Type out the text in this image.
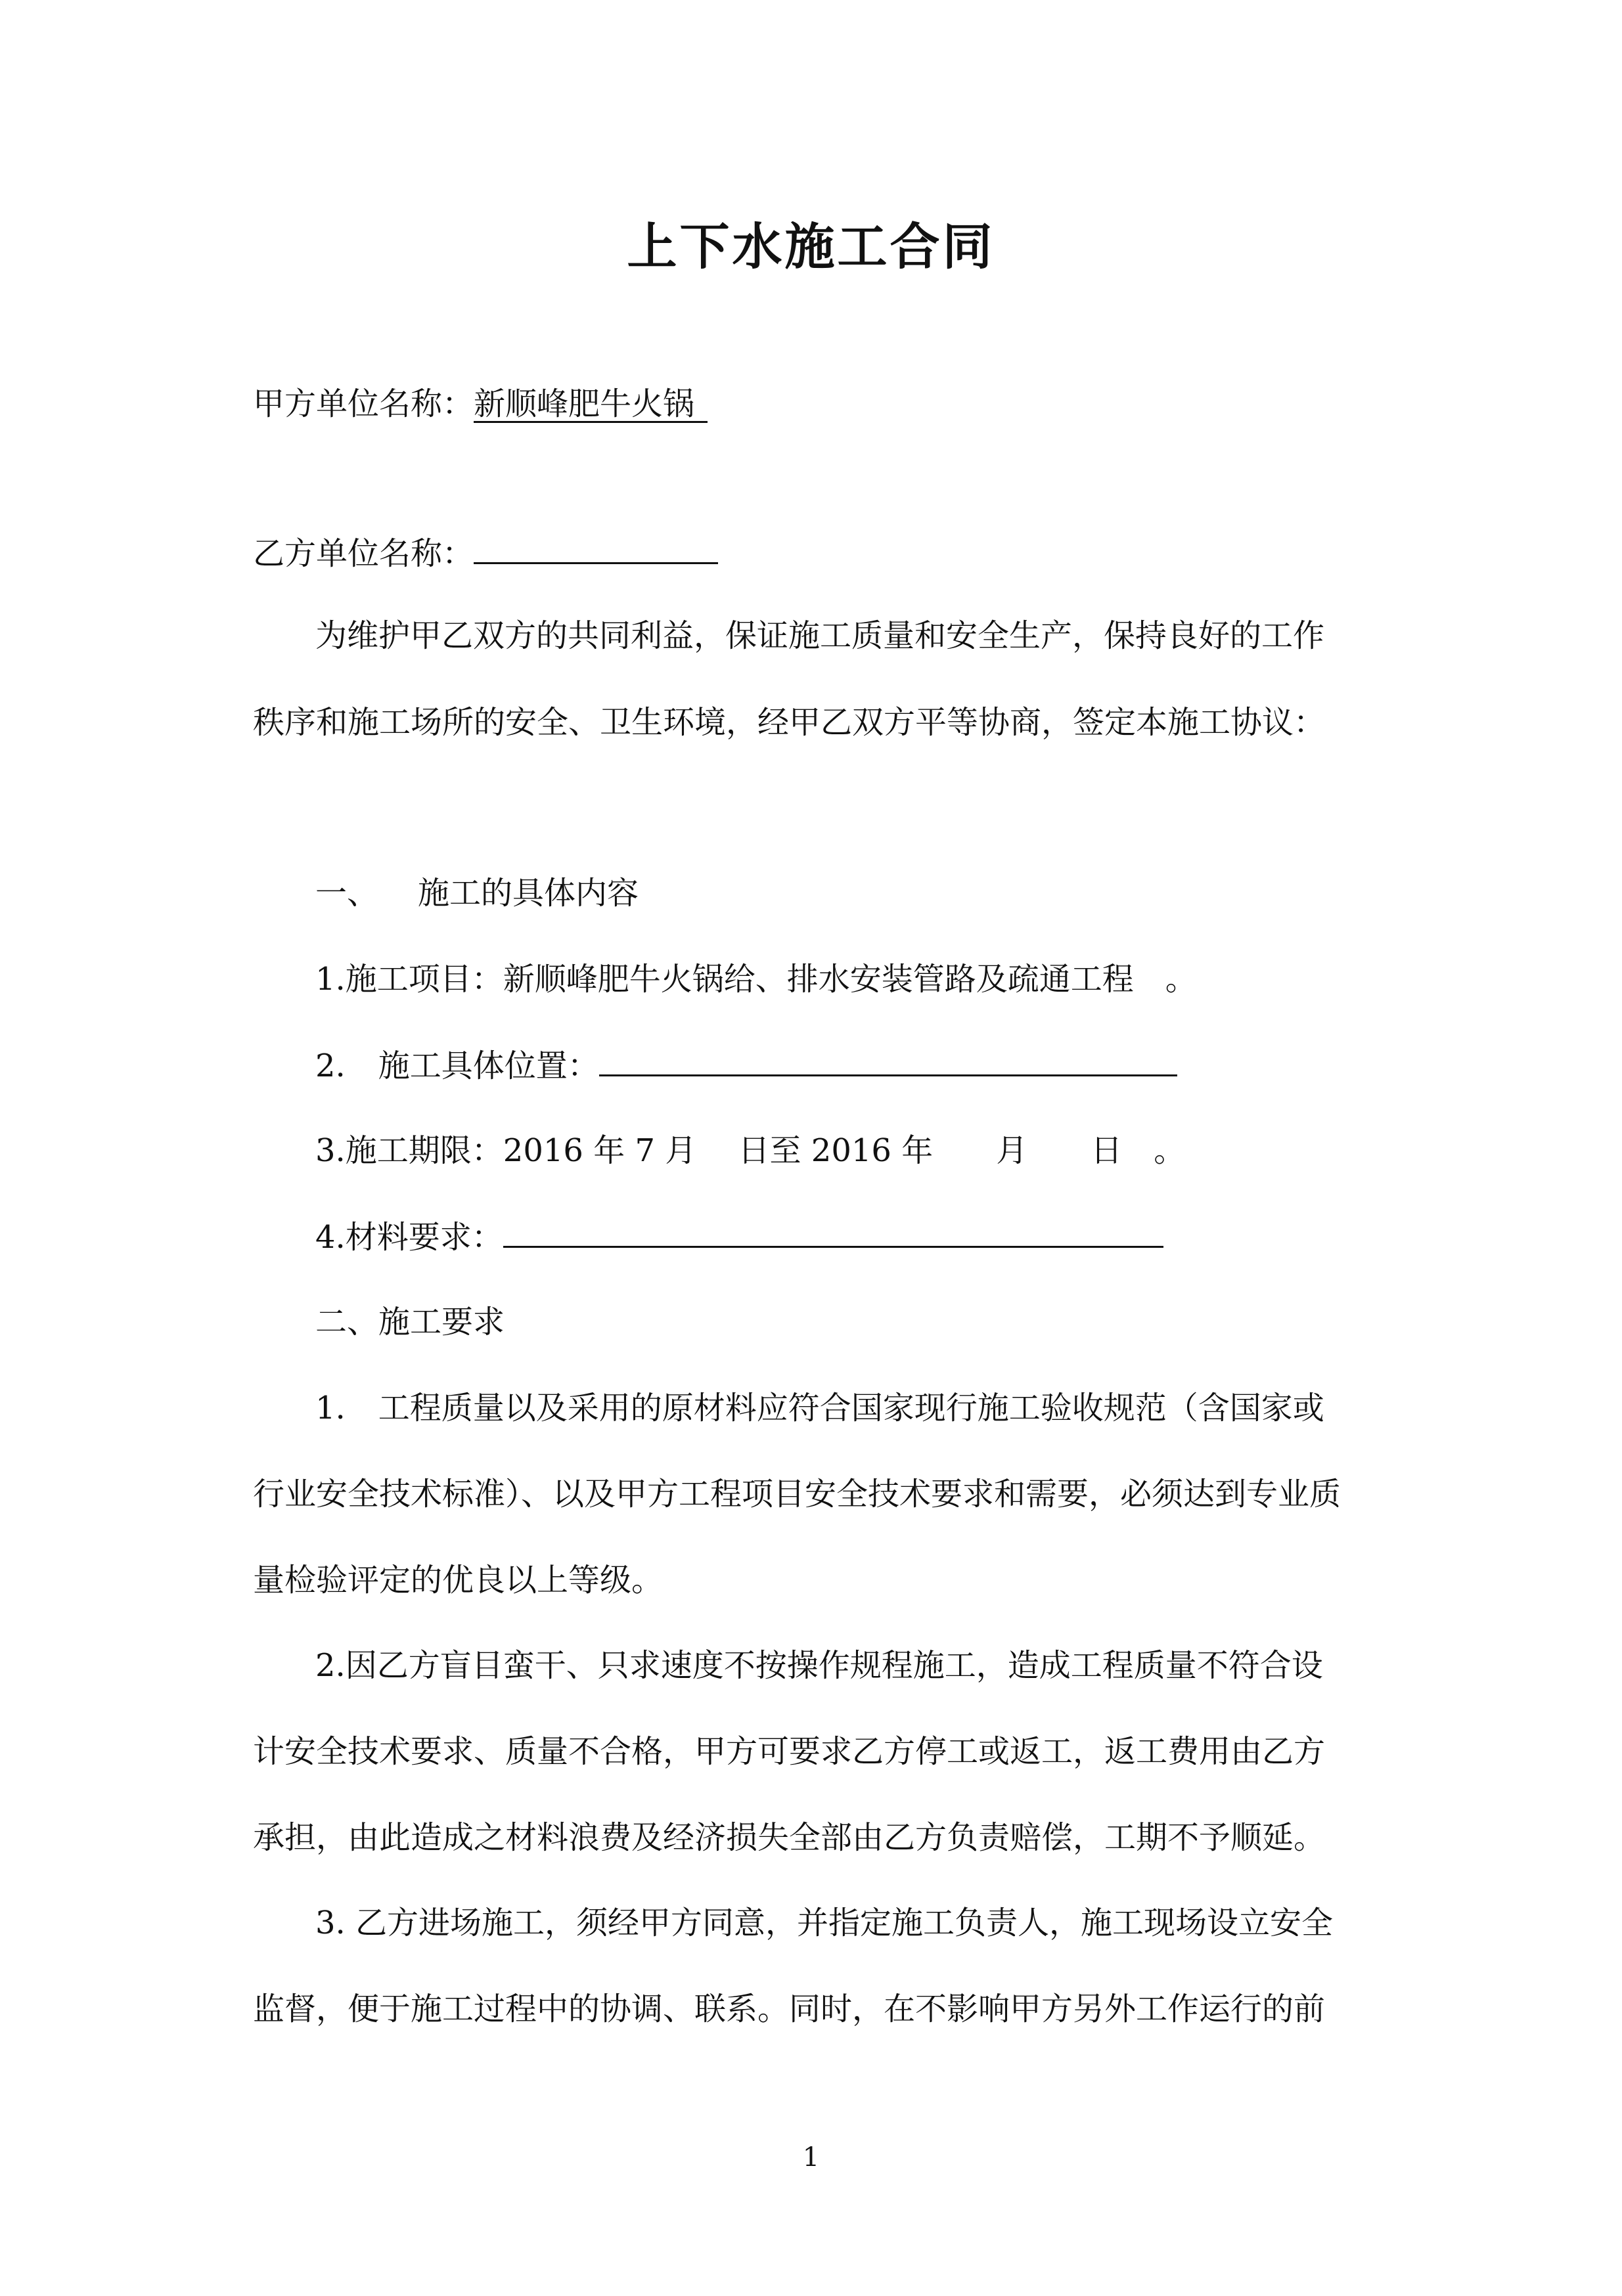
上下水施工合同
甲方单位名称：新顺峰肥牛火锅
乙方单位名称：
为维护甲乙双方的共同利益，保证施工质量和安全生产，保持良好的工作
秩序和施工场所的安全、卫生环境，经甲乙双方平等协商，签定本施工协议：
一、 施工的具体内容
1.施工项目：新顺峰肥牛火锅给、排水安装管路及疏通工程　。
2. 施工具体位置：
3.施工期限：2016 年 7 月　 日至 2016 年　　月　　日　。
4.材料要求：
二、施工要求
1. 工程质量以及采用的原材料应符合国家现行施工验收规范（含国家或
行业安全技术标准）、以及甲方工程项目安全技术要求和需要，必须达到专业质
量检验评定的优良以上等级。
2.因乙方盲目蛮干、只求速度不按操作规程施工，造成工程质量不符合设
计安全技术要求、质量不合格，甲方可要求乙方停工或返工，返工费用由乙方
承担，由此造成之材料浪费及经济损失全部由乙方负责赔偿，工期不予顺延。
3. 乙方进场施工，须经甲方同意，并指定施工负责人，施工现场设立安全
监督，便于施工过程中的协调、联系。同时，在不影响甲方另外工作运行的前
1
